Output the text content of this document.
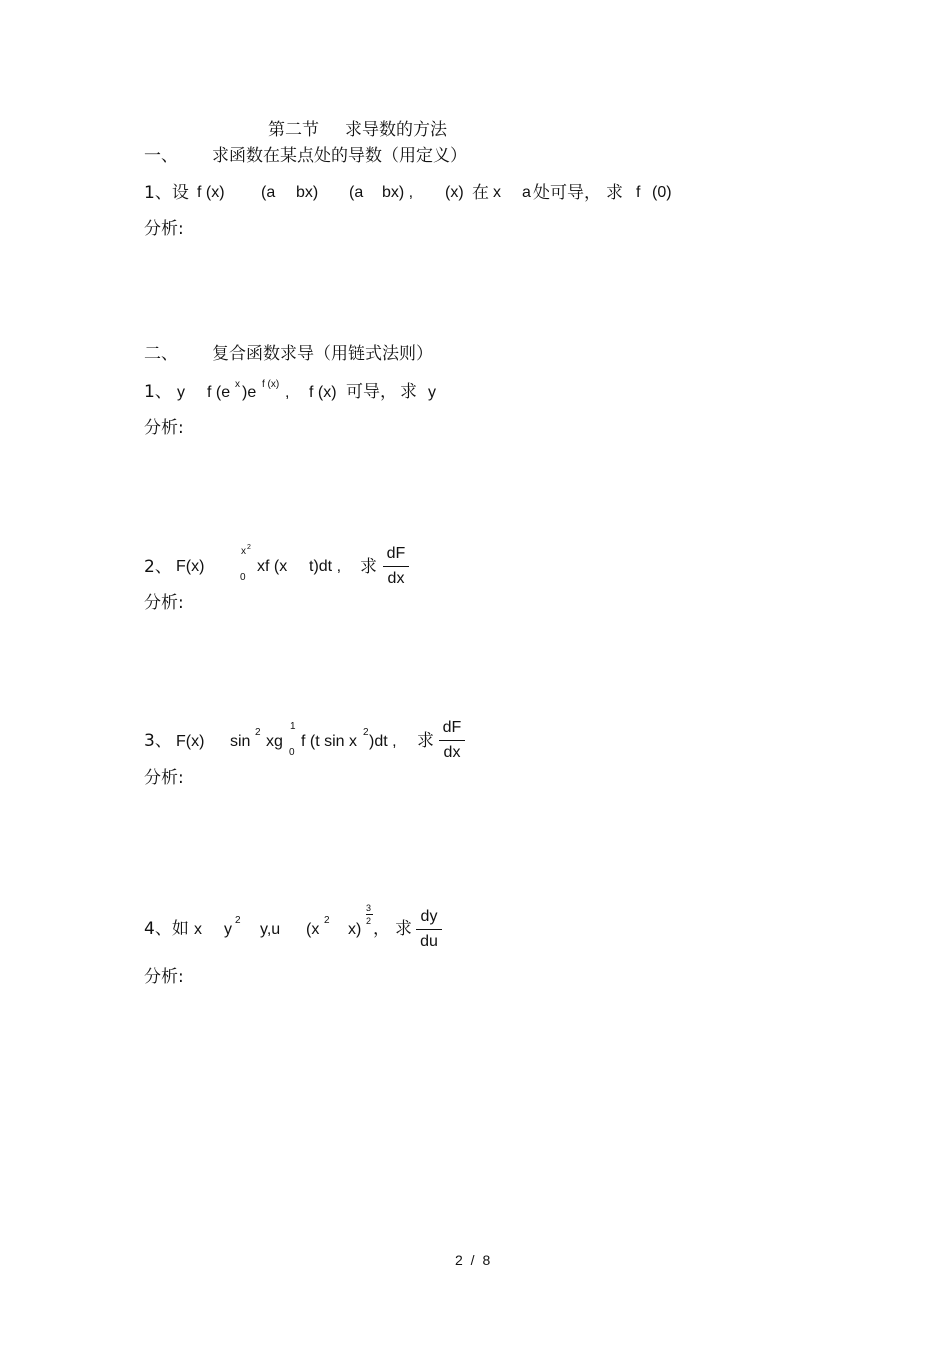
第二节 求导数的方法
一、 求函数在某点处的导数（用定义）
1、设 f (x) (a bx) (a bx) , (x) 在 x a 处可导， 求 f (0)
分析:
二、 复合函数求导（用链式法则）
1、 y f (e x )e f (x) , f (x) 可导， 求 y
分析:
2、 F(x)
x 2
0
xf (x t)dt , 求
dF
dx
分析:
3、 F(x) sin
2
xg
1
0
f (t sin x
2
)dt , 求
dF
dx
分析:
4、如 x y
2
y,u (x
2
x)
3
2 ， 求
dy
du
分析:
2 / 8
